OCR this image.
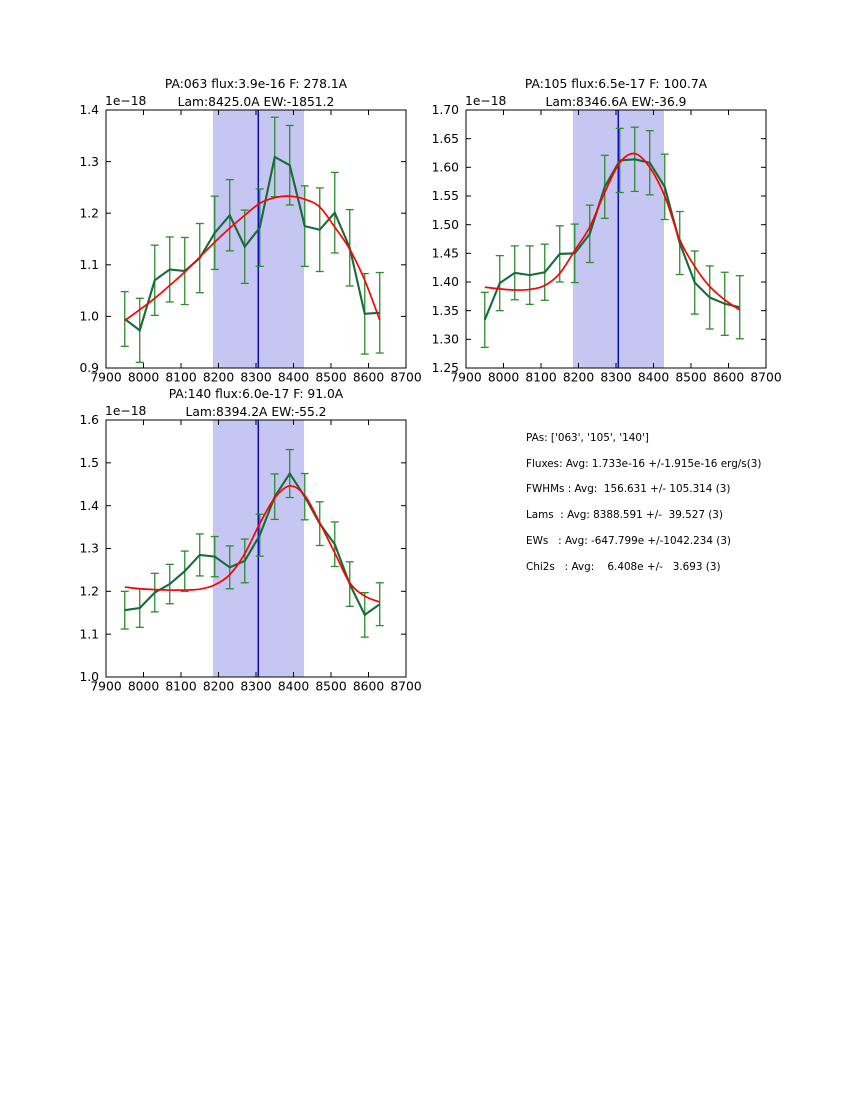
7900 8000 8100 8200 8300 8400 8500 8600 8700
0.9
1.0
1.1
1.2
1.3
1.4
1e−18
PA:063 flux:3.9e-16 F: 278.1A
Lam:8425.0A EW:-1851.2
7900 8000 8100 8200 8300 8400 8500 8600 8700
1.25
1.30
1.35
1.40
1.45
1.50
1.55
1.60
1.65
1.70
1e−18
PA:105 flux:6.5e-17 F: 100.7A
Lam:8346.6A EW:-36.9
7900 8000 8100 8200 8300 8400 8500 8600 8700
1.0
1.1
1.2
1.3
1.4
1.5
1.6
1e−18
PA:140 flux:6.0e-17 F: 91.0A
Lam:8394.2A EW:-55.2
PAs: ['063', '105', '140']
Fluxes: Avg: 1.733e-16 +/-1.915e-16 erg/s(3)
FWHMs : Avg:  156.631 +/- 105.314 (3)
Lams  : Avg: 8388.591 +/-  39.527 (3)
EWs   : Avg: -647.799e +/-1042.234 (3)
Chi2s   : Avg:    6.408e +/-   3.693 (3)
